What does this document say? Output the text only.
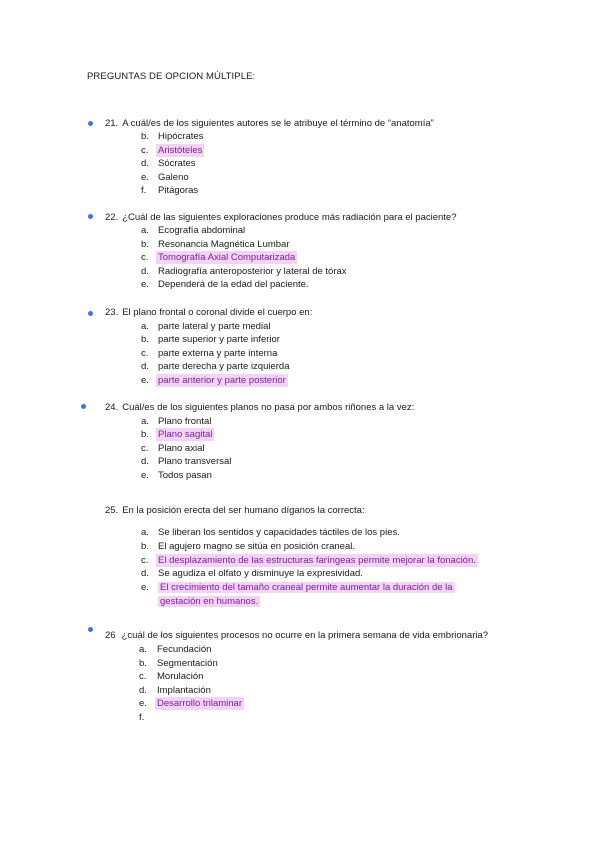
PREGUNTAS DE OPCION MÚLTIPLE:
21. A cuál/es de los siguientes autores se le atribuye el término de “anatomía”
b. Hipócrates
c. Aristóteles
d. Sócrates
e. Galeno
f. Pitágoras
22. ¿Cuál de las siguientes exploraciones produce más radiación para el paciente?
a. Ecografía abdominal
b. Resonancia Magnética Lumbar
c. Tomografía Axial Computarizada
d. Radiografía anteroposterior y lateral de tórax
e. Dependerá de la edad del paciente.
23. El plano frontal o coronal divide el cuerpo en:
a. parte lateral y parte medial
b. parte superior y parte inferior
c. parte externa y parte interna
d. parte derecha y parte izquierda
e. parte anterior y parte posterior
24. Cuál/es de los siguientes planos no pasa por ambos riñones a la vez:
a. Plano frontal
b. Plano sagital
c. Plano axial
d. Plano transversal
e. Todos pasan
25. En la posición erecta del ser humano díganos la correcta:
a. Se liberan los sentidos y capacidades táctiles de los pies.
b. El agujero magno se sitúa en posición craneal.
c. El desplazamiento de las estructuras faríngeas permite mejorar la fonación.
d. Se agudiza el olfato y disminuye la expresividad.
e.	El crecimiento del tamaño craneal permite aumentar la duración de la gestación en humanos.
26 ¿cuál de los siguientes procesos no ocurre en la primera semana de vida embrionaria?
a. Fecundación
b. Segmentación
c. Morulación
d. Implantación
e. Desarrollo trilaminar
f.
